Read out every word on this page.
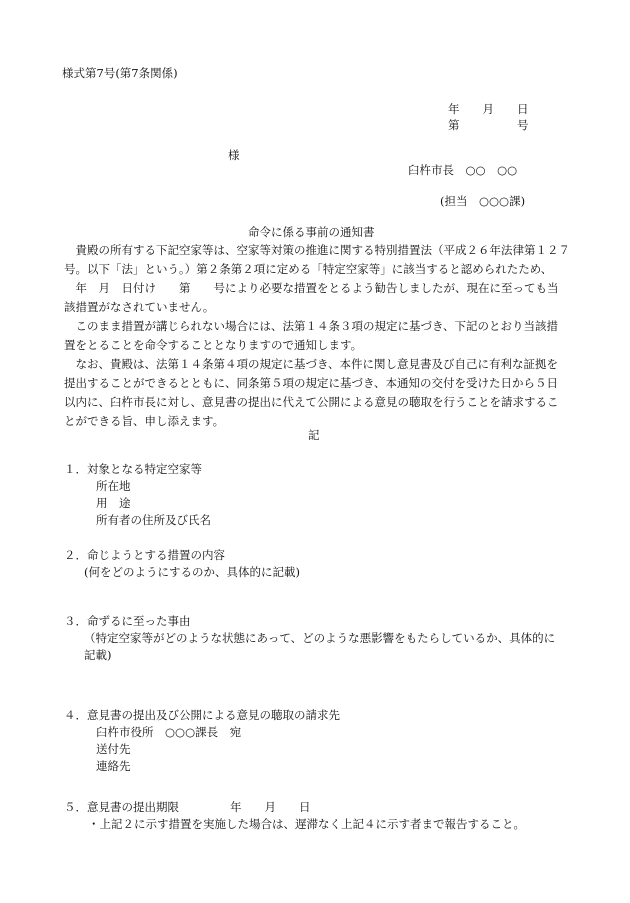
様式第7号(第7条関係)
年　　月　　日
第　　　　　号
様
臼杵市長　○○　○○
(担当　○○○課)
命令に係る事前の通知書
　貴殿の所有する下記空家等は、空家等対策の推進に関する特別措置法（平成２６年法律第１２７
号。以下「法」という。）第２条第２項に定める「特定空家等」に該当すると認められたため、
　年　月　日付け　　第　　号により必要な措置をとるよう勧告しましたが、現在に至っても当
該措置がなされていません。
　このまま措置が講じられない場合には、法第１４条３項の規定に基づき、下記のとおり当該措
置をとることを命令することとなりますので通知します。
　なお、貴殿は、法第１４条第４項の規定に基づき、本件に関し意見書及び自己に有利な証拠を
提出することができるとともに、同条第５項の規定に基づき、本通知の交付を受けた日から５日
以内に、臼杵市長に対し、意見書の提出に代えて公開による意見の聴取を行うことを請求するこ
とができる旨、申し添えます。
記
１．対象となる特定空家等
所在地
用　途
所有者の住所及び氏名
２．命じようとする措置の内容
(何をどのようにするのか、具体的に記載)
３．命ずるに至った事由
（特定空家等がどのような状態にあって、どのような悪影響をもたらしているか、具体的に
記載)
４．意見書の提出及び公開による意見の聴取の請求先
臼杵市役所　○○○課長　宛
送付先
連絡先
５．意見書の提出期限	年　　月　　日
・上記２に示す措置を実施した場合は、遅滞なく上記４に示す者まで報告すること。
